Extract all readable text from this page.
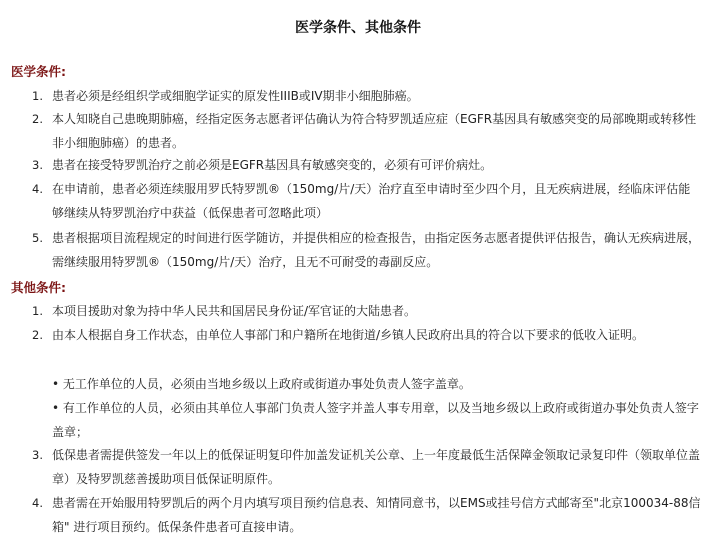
医学条件、其他条件
医学条件:
1. 患者必须是经组织学或细胞学证实的原发性IIIB或IV期非小细胞肺癌。
2. 本人知晓自己患晚期肺癌，经指定医务志愿者评估确认为符合特罗凯适应症（EGFR基因具有敏感突变的局部晚期或转移性非小细胞肺癌）的患者。
3. 患者在接受特罗凯治疗之前必须是EGFR基因具有敏感突变的，必须有可评价病灶。
4. 在申请前，患者必须连续服用罗氏特罗凯®（150mg/片/天）治疗直至申请时至少四个月，且无疾病进展，经临床评估能够继续从特罗凯治疗中获益（低保患者可忽略此项）
5. 患者根据项目流程规定的时间进行医学随访，并提供相应的检查报告，由指定医务志愿者提供评估报告，确认无疾病进展，需继续服用特罗凯®（150mg/片/天）治疗，且无不可耐受的毒副反应。
其他条件:
1. 本项目援助对象为持中华人民共和国居民身份证/军官证的大陆患者。
2. 由本人根据自身工作状态，由单位人事部门和户籍所在地街道/乡镇人民政府出具的符合以下要求的低收入证明。
• 无工作单位的人员，必须由当地乡级以上政府或街道办事处负责人签字盖章。
• 有工作单位的人员，必须由其单位人事部门负责人签字并盖人事专用章，以及当地乡级以上政府或街道办事处负责人签字盖章；
3. 低保患者需提供签发一年以上的低保证明复印件加盖发证机关公章、上一年度最低生活保障金领取记录复印件（领取单位盖章）及特罗凯慈善援助项目低保证明原件。
4. 患者需在开始服用特罗凯后的两个月内填写项目预约信息表、知情同意书，以EMS或挂号信方式邮寄至"北京100034-88信箱" 进行项目预约。低保条件患者可直接申请。
